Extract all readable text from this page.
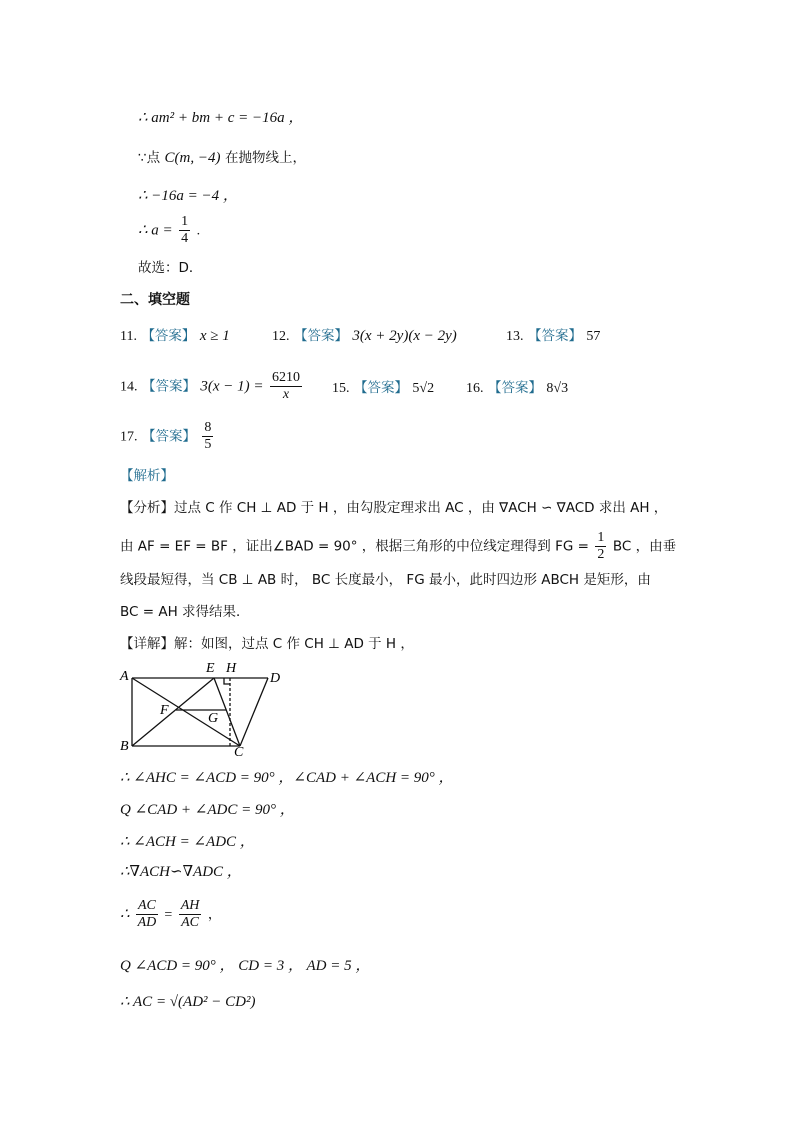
∴ am² + bm + c = −16a ，
∵点 C(m, −4) 在抛物线上，
∴ −16a = −4 ，
∴ $a = \frac{1}{4}$ .
故选：D．
二、填空题
11. 【答案】 x ≥ 1	12. 【答案】 3(x + 2y)(x − 2y)	13. 【答案】 57
14. 【答案】 $3(x - 1) = \frac{6210}{x} 15$. 【答案】 5√2 16. 【答案】 8√3
17. 【答案】 $\frac{8}{5}$
【解析】
【分析】过点 C 作 CH ⊥ AD 于 H ，由勾股定理求出 AC ，由 ∇ACH ∽ ∇ACD 求出 AH ，
由 AF = EF = BF ，证出∠BAD = 90° ，根据三角形的中位线定理得到 FG = $\frac{1}{2}$ BC ，由垂
线段最短得，当 CB ⊥ AB 时， BC 长度最小， FG 最小，此时四边形 ABCH 是矩形，由
BC = AH 求得结果．
【详解】解：如图，过点 C 作 CH ⊥ AD 于 H ，
A
E H
D
F
G
B	C
∴ ∠AHC = ∠ACD = 90° ，∠CAD + ∠ACH = 90° ，
Q ∠CAD + ∠ADC = 90° ，
∴ ∠ACH = ∠ADC ，
∴∇ACH∽∇ADC ，
∴ $\frac{AC}{AD} = \frac{AH}{AC}$ ，
Q ∠ACD = 90° ， CD = 3 ， AD = 5 ，
∴ AC = √(AD² − CD²)
